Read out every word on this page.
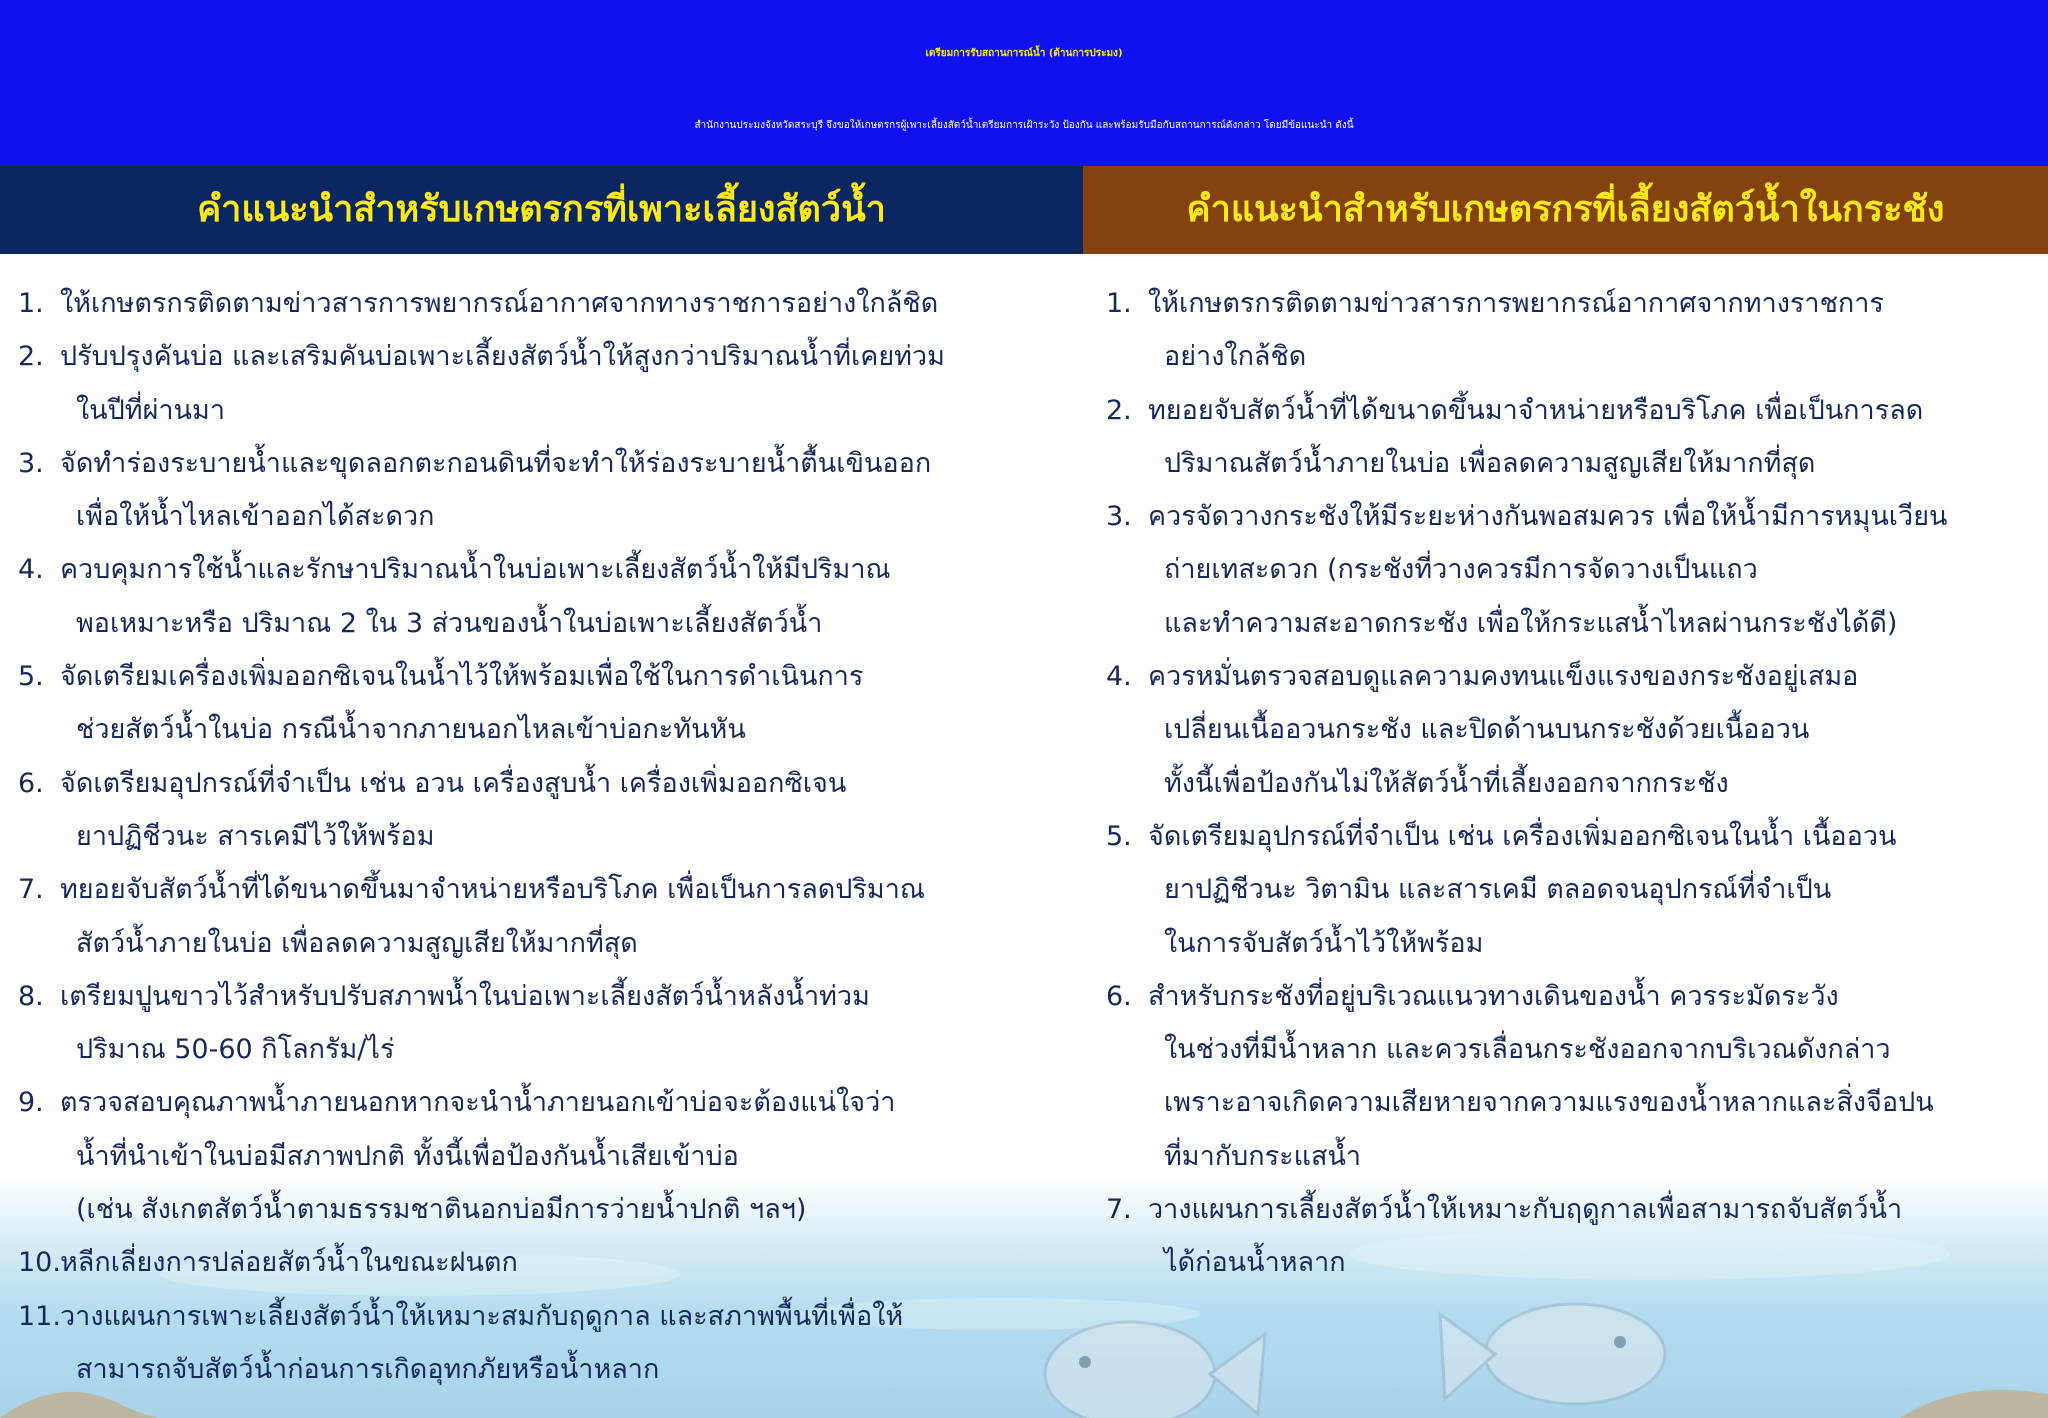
เตรียมการรับสถานการณ์น้ำ (ด้านการประมง)
สำนักงานประมงจังหวัดสระบุรี จึงขอให้เกษตรกรผู้เพาะเลี้ยงสัตว์น้ำเตรียมการเฝ้าระวัง ป้องกัน และพร้อมรับมือกับสถานการณ์ดังกล่าว โดยมีข้อแนะนำ ดังนี้
คำแนะนำสำหรับเกษตรกรที่เพาะเลี้ยงสัตว์น้ำ	คำแนะนำสำหรับเกษตรกรที่เลี้ยงสัตว์น้ำในกระชัง
1. ให้เกษตรกรติดตามข่าวสารการพยากรณ์อากาศจากทางราชการอย่างใกล้ชิด
2. ปรับปรุงคันบ่อ และเสริมคันบ่อเพาะเลี้ยงสัตว์น้ำให้สูงกว่าปริมาณน้ำที่เคยท่วม
ในปีที่ผ่านมา
3. จัดทำร่องระบายน้ำและขุดลอกตะกอนดินที่จะทำให้ร่องระบายน้ำตื้นเขินออก
เพื่อให้น้ำไหลเข้าออกได้สะดวก
4. ควบคุมการใช้น้ำและรักษาปริมาณน้ำในบ่อเพาะเลี้ยงสัตว์น้ำให้มีปริมาณ
พอเหมาะหรือ ปริมาณ 2 ใน 3 ส่วนของน้ำในบ่อเพาะเลี้ยงสัตว์น้ำ
5. จัดเตรียมเครื่องเพิ่มออกซิเจนในน้ำไว้ให้พร้อมเพื่อใช้ในการดำเนินการ
ช่วยสัตว์น้ำในบ่อ กรณีน้ำจากภายนอกไหลเข้าบ่อกะทันหัน
6. จัดเตรียมอุปกรณ์ที่จำเป็น เช่น อวน เครื่องสูบน้ำ เครื่องเพิ่มออกซิเจน
ยาปฏิชีวนะ สารเคมีไว้ให้พร้อม
7. ทยอยจับสัตว์น้ำที่ได้ขนาดขึ้นมาจำหน่ายหรือบริโภค เพื่อเป็นการลดปริมาณ
สัตว์น้ำภายในบ่อ เพื่อลดความสูญเสียให้มากที่สุด
8. เตรียมปูนขาวไว้สำหรับปรับสภาพน้ำในบ่อเพาะเลี้ยงสัตว์น้ำหลังน้ำท่วม
ปริมาณ 50-60 กิโลกรัม/ไร่
9. ตรวจสอบคุณภาพน้ำภายนอกหากจะนำน้ำภายนอกเข้าบ่อจะต้องแน่ใจว่า
น้ำที่นำเข้าในบ่อมีสภาพปกติ ทั้งนี้เพื่อป้องกันน้ำเสียเข้าบ่อ
(เช่น สังเกตสัตว์น้ำตามธรรมชาตินอกบ่อมีการว่ายน้ำปกติ ฯลฯ)
10. หลีกเลี่ยงการปล่อยสัตว์น้ำในขณะฝนตก
11. วางแผนการเพาะเลี้ยงสัตว์น้ำให้เหมาะสมกับฤดูกาล และสภาพพื้นที่เพื่อให้
สามารถจับสัตว์น้ำก่อนการเกิดอุทกภัยหรือน้ำหลาก
1. ให้เกษตรกรติดตามข่าวสารการพยากรณ์อากาศจากทางราชการ
อย่างใกล้ชิด
2. ทยอยจับสัตว์น้ำที่ได้ขนาดขึ้นมาจำหน่ายหรือบริโภค เพื่อเป็นการลด
ปริมาณสัตว์น้ำภายในบ่อ เพื่อลดความสูญเสียให้มากที่สุด
3. ควรจัดวางกระชังให้มีระยะห่างกันพอสมควร เพื่อให้น้ำมีการหมุนเวียน
ถ่ายเทสะดวก (กระชังที่วางควรมีการจัดวางเป็นแถว
และทำความสะอาดกระชัง เพื่อให้กระแสน้ำไหลผ่านกระชังได้ดี)
4. ควรหมั่นตรวจสอบดูแลความคงทนแข็งแรงของกระชังอยู่เสมอ
เปลี่ยนเนื้ออวนกระชัง และปิดด้านบนกระชังด้วยเนื้ออวน
ทั้งนี้เพื่อป้องกันไม่ให้สัตว์น้ำที่เลี้ยงออกจากกระชัง
5. จัดเตรียมอุปกรณ์ที่จำเป็น เช่น เครื่องเพิ่มออกซิเจนในน้ำ เนื้ออวน
ยาปฏิชีวนะ วิตามิน และสารเคมี ตลอดจนอุปกรณ์ที่จำเป็น
ในการจับสัตว์น้ำไว้ให้พร้อม
6. สำหรับกระชังที่อยู่บริเวณแนวทางเดินของน้ำ ควรระมัดระวัง
ในช่วงที่มีน้ำหลาก และควรเลื่อนกระชังออกจากบริเวณดังกล่าว
เพราะอาจเกิดความเสียหายจากความแรงของน้ำหลากและสิ่งจีอปน
ที่มากับกระแสน้ำ
7. วางแผนการเลี้ยงสัตว์น้ำให้เหมาะกับฤดูกาลเพื่อสามารถจับสัตว์น้ำ
ได้ก่อนน้ำหลาก
